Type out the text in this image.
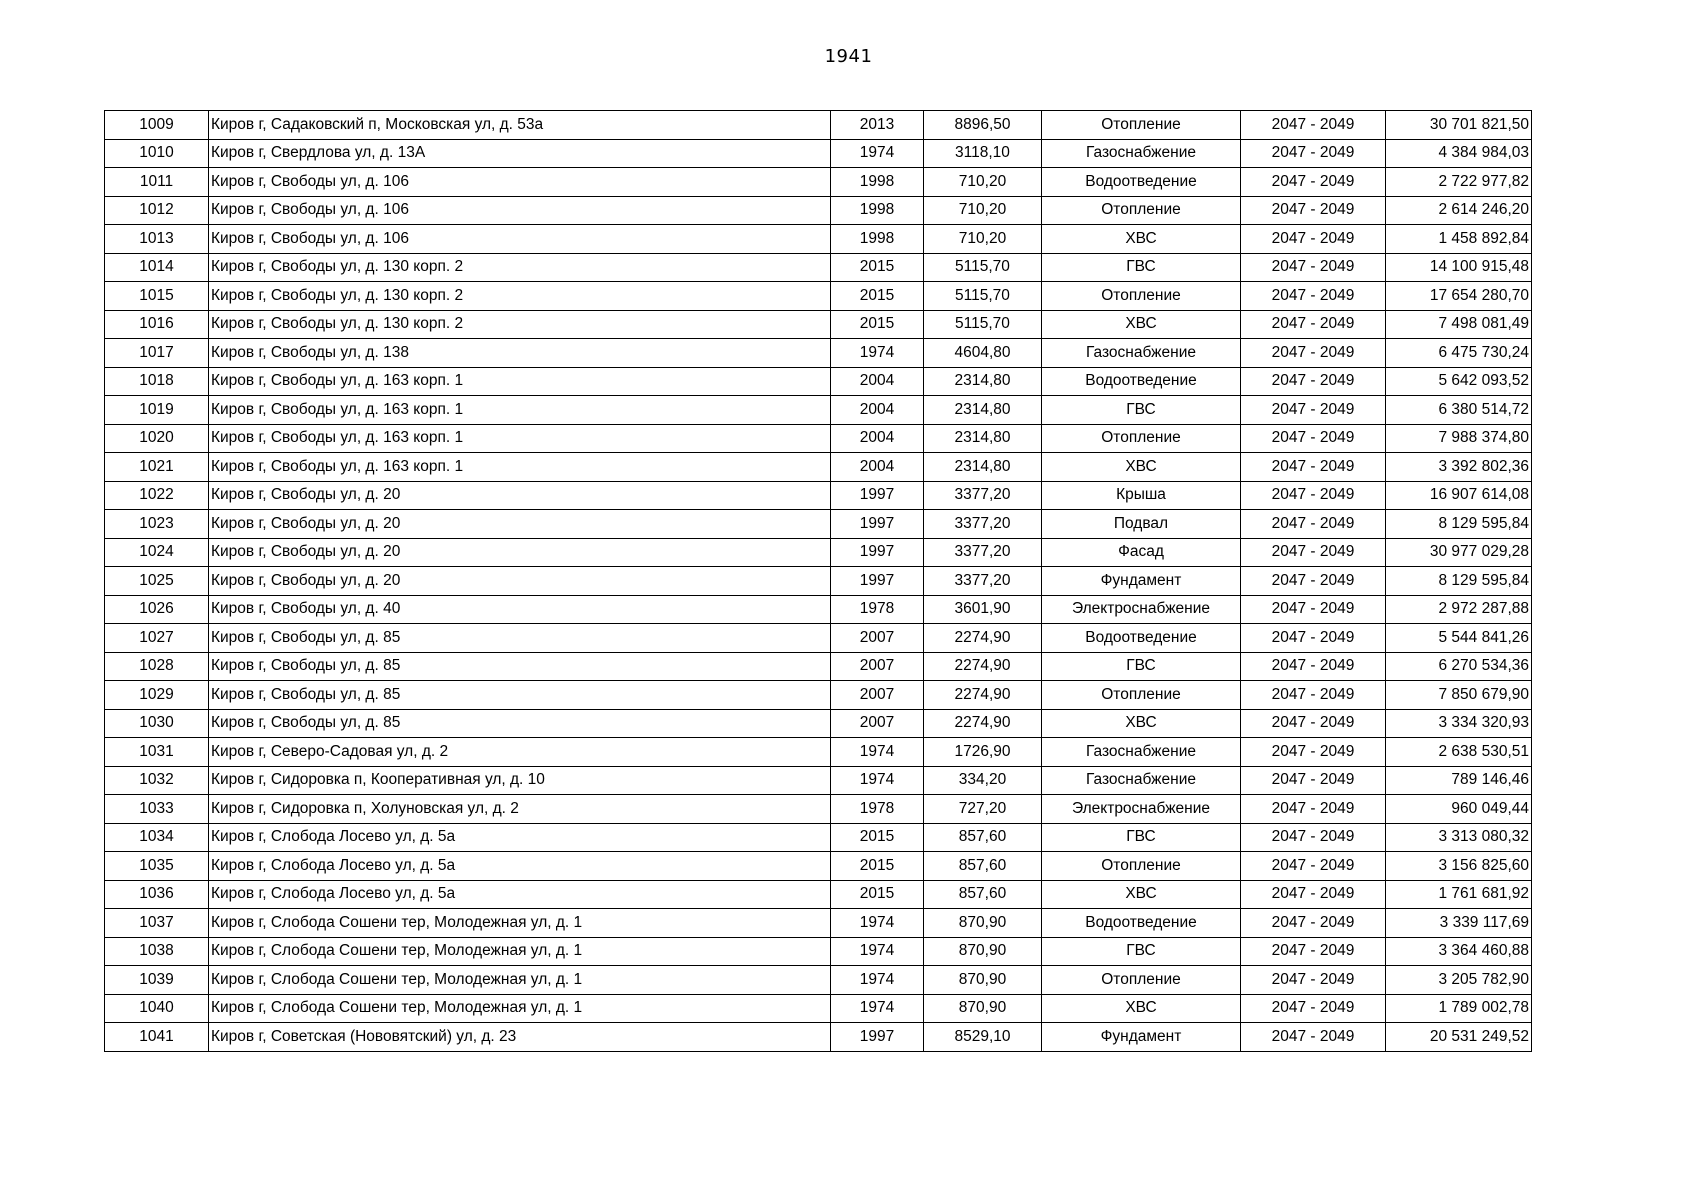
1941
1009	Киров г, Садаковский п, Московская ул, д. 53а	2013	8896,50	Отопление	2047 - 2049	30 701 821,50
1010	Киров г, Свердлова ул, д. 13А	1974	3118,10	Газоснабжение	2047 - 2049	4 384 984,03
1011	Киров г, Свободы ул, д. 106	1998	710,20	Водоотведение	2047 - 2049	2 722 977,82
1012	Киров г, Свободы ул, д. 106	1998	710,20	Отопление	2047 - 2049	2 614 246,20
1013	Киров г, Свободы ул, д. 106	1998	710,20	ХВС	2047 - 2049	1 458 892,84
1014	Киров г, Свободы ул, д. 130 корп. 2	2015	5115,70	ГВС	2047 - 2049	14 100 915,48
1015	Киров г, Свободы ул, д. 130 корп. 2	2015	5115,70	Отопление	2047 - 2049	17 654 280,70
1016	Киров г, Свободы ул, д. 130 корп. 2	2015	5115,70	ХВС	2047 - 2049	7 498 081,49
1017	Киров г, Свободы ул, д. 138	1974	4604,80	Газоснабжение	2047 - 2049	6 475 730,24
1018	Киров г, Свободы ул, д. 163 корп. 1	2004	2314,80	Водоотведение	2047 - 2049	5 642 093,52
1019	Киров г, Свободы ул, д. 163 корп. 1	2004	2314,80	ГВС	2047 - 2049	6 380 514,72
1020	Киров г, Свободы ул, д. 163 корп. 1	2004	2314,80	Отопление	2047 - 2049	7 988 374,80
1021	Киров г, Свободы ул, д. 163 корп. 1	2004	2314,80	ХВС	2047 - 2049	3 392 802,36
1022	Киров г, Свободы ул, д. 20	1997	3377,20	Крыша	2047 - 2049	16 907 614,08
1023	Киров г, Свободы ул, д. 20	1997	3377,20	Подвал	2047 - 2049	8 129 595,84
1024	Киров г, Свободы ул, д. 20	1997	3377,20	Фасад	2047 - 2049	30 977 029,28
1025	Киров г, Свободы ул, д. 20	1997	3377,20	Фундамент	2047 - 2049	8 129 595,84
1026	Киров г, Свободы ул, д. 40	1978	3601,90	Электроснабжение	2047 - 2049	2 972 287,88
1027	Киров г, Свободы ул, д. 85	2007	2274,90	Водоотведение	2047 - 2049	5 544 841,26
1028	Киров г, Свободы ул, д. 85	2007	2274,90	ГВС	2047 - 2049	6 270 534,36
1029	Киров г, Свободы ул, д. 85	2007	2274,90	Отопление	2047 - 2049	7 850 679,90
1030	Киров г, Свободы ул, д. 85	2007	2274,90	ХВС	2047 - 2049	3 334 320,93
1031	Киров г, Северо-Садовая ул, д. 2	1974	1726,90	Газоснабжение	2047 - 2049	2 638 530,51
1032	Киров г, Сидоровка п, Кооперативная ул, д. 10	1974	334,20	Газоснабжение	2047 - 2049	789 146,46
1033	Киров г, Сидоровка п, Холуновская ул, д. 2	1978	727,20	Электроснабжение	2047 - 2049	960 049,44
1034	Киров г, Слобода Лосево ул, д. 5а	2015	857,60	ГВС	2047 - 2049	3 313 080,32
1035	Киров г, Слобода Лосево ул, д. 5а	2015	857,60	Отопление	2047 - 2049	3 156 825,60
1036	Киров г, Слобода Лосево ул, д. 5а	2015	857,60	ХВС	2047 - 2049	1 761 681,92
1037	Киров г, Слобода Сошени тер, Молодежная ул, д. 1	1974	870,90	Водоотведение	2047 - 2049	3 339 117,69
1038	Киров г, Слобода Сошени тер, Молодежная ул, д. 1	1974	870,90	ГВС	2047 - 2049	3 364 460,88
1039	Киров г, Слобода Сошени тер, Молодежная ул, д. 1	1974	870,90	Отопление	2047 - 2049	3 205 782,90
1040	Киров г, Слобода Сошени тер, Молодежная ул, д. 1	1974	870,90	ХВС	2047 - 2049	1 789 002,78
1041	Киров г, Советская (Нововятский) ул, д. 23	1997	8529,10	Фундамент	2047 - 2049	20 531 249,52
